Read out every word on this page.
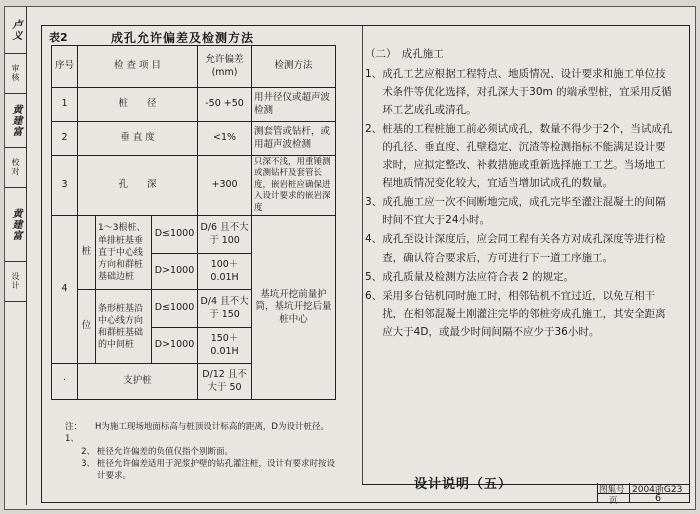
卢义
审核
黄建富
校对
黄建富
设计
表2	成孔允许偏差及检测方法
序号	检 查 项 目			允许偏差 (mm)	检测方法
1	桩　　径			-50 +50	用井径仪或超声波检测
2	垂 直 度			<1%	测套管或钻杆，或用超声波检测
3	孔　　深			+300	只深不浅，用重锤测或测钻杆及套管长度，嵌岩桩应确保进入设计要求的嵌岩深度
4	桩	1～3根桩、单排桩基垂直于中心线方向和群桩基础边桩	D≤1000	D/6 且不大于 100	基坑开挖前量护筒，基坑开挖后量桩中心
			D>1000	100＋0.01H	
	位	条形桩基沿中心线方向和群桩基础的中间桩	D≤1000	D/4 且不大于 150	
			D>1000	150＋0.01H	
·	支护桩			D/12 且不大于 50	
注：1、
H为施工现场地面标高与桩顶设计标高的距离，D为设计桩径。
2、 桩径允许偏差的负值仅指个别断面。
3、 桩径允许偏差适用于泥浆护壁的钻孔灌注桩，设计有要求时按设计要求。
（二）　成孔施工
1、 成孔工艺应根据工程特点、地质情况、设计要求和施工单位技术条件等优化选择，对孔深大于30m 的端承型桩，宜采用反循环工艺成孔或清孔。
2、 桩基的工程桩施工前必须试成孔，数量不得少于2个，当试成孔的孔径、垂直度、孔壁稳定、沉渣等检测指标不能满足设计要求时，应拟定整改、补救措施或重新选择施工工艺。当场地工程地质情况变化较大，宜适当增加试成孔的数量。
3、 成孔施工应一次不间断地完成，成孔完毕至灌注混凝土的间隔时间不宜大于24小时。
4、 成孔至设计深度后，应会同工程有关各方对成孔深度等进行检查，确认符合要求后，方可进行下一道工序施工。
5、 成孔质量及检测方法应符合表 2 的规定。
6、 采用多台钻机同时施工时，相邻钻机不宜过近，以免互相干扰，在相邻混凝土刚灌注完毕的邻桩旁成孔施工，其安全距离应大于4D，或最少时间间隔不应少于36小时。
设计说明（五）	图集号 2004浙G23
页	6
